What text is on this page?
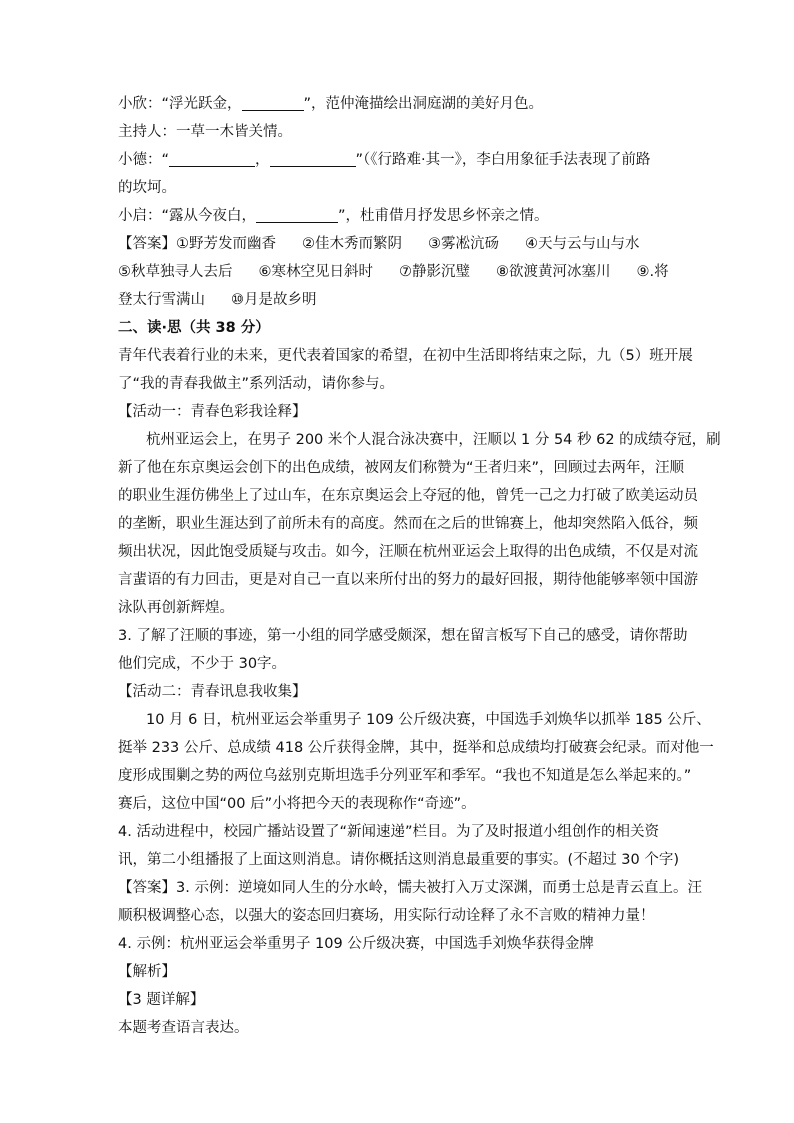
小欣：“浮光跃金，	”，范仲淹描绘出洞庭湖的美好月色。
主持人：一草一木皆关情。
小德：“	，	”（《行路难·其一》，李白用象征手法表现了前路
的坎坷。
小启：“露从今夜白，	”，杜甫借月抒发思乡怀亲之情。
【答案】①野芳发而幽香 ②佳木秀而繁阴 ③雾凇沆砀 ④天与云与山与水
⑤秋草独寻人去后 ⑥寒林空见日斜时 ⑦静影沉璧 ⑧欲渡黄河冰塞川 ⑨.将
登太行雪满山 ⑩月是故乡明
二、读·思（共 38 分）
青年代表着行业的未来，更代表着国家的希望，在初中生活即将结束之际，九（5）班开展
了“我的青春我做主”系列活动，请你参与。
【活动一：青春色彩我诠释】
杭州亚运会上，在男子 200 米个人混合泳决赛中，汪顺以 1 分 54 秒 62 的成绩夺冠，刷
新了他在东京奥运会创下的出色成绩，被网友们称赞为“王者归来”，回顾过去两年，汪顺
的职业生涯仿佛坐上了过山车，在东京奥运会上夺冠的他，曾凭一己之力打破了欧美运动员
的垄断，职业生涯达到了前所未有的高度。然而在之后的世锦赛上，他却突然陷入低谷，频
频出状况，因此饱受质疑与攻击。如今，汪顺在杭州亚运会上取得的出色成绩，不仅是对流
言蜚语的有力回击，更是对自己一直以来所付出的努力的最好回报，期待他能够率领中国游
泳队再创新辉煌。
3. 了解了汪顺的事迹，第一小组的同学感受颇深，想在留言板写下自己的感受，请你帮助
他们完成，不少于 30字。
【活动二：青春讯息我收集】
10 月 6 日，杭州亚运会举重男子 109 公斤级决赛，中国选手刘焕华以抓举 185 公斤、
挺举 233 公斤、总成绩 418 公斤获得金牌，其中，挺举和总成绩均打破赛会纪录。而对他一
度形成围剿之势的两位乌兹别克斯坦选手分列亚军和季军。“我也不知道是怎么举起来的。”
赛后，这位中国“00 后”小将把今天的表现称作“奇迹”。
4. 活动进程中，校园广播站设置了“新闻速递”栏目。为了及时报道小组创作的相关资
讯，第二小组播报了上面这则消息。请你概括这则消息最重要的事实。(不超过 30 个字)
【答案】3. 示例：逆境如同人生的分水岭，懦夫被打入万丈深渊，而勇士总是青云直上。汪
顺积极调整心态，以强大的姿态回归赛场，用实际行动诠释了永不言败的精神力量！
4. 示例：杭州亚运会举重男子 109 公斤级决赛，中国选手刘焕华获得金牌
【解析】
【3 题详解】
本题考查语言表达。
